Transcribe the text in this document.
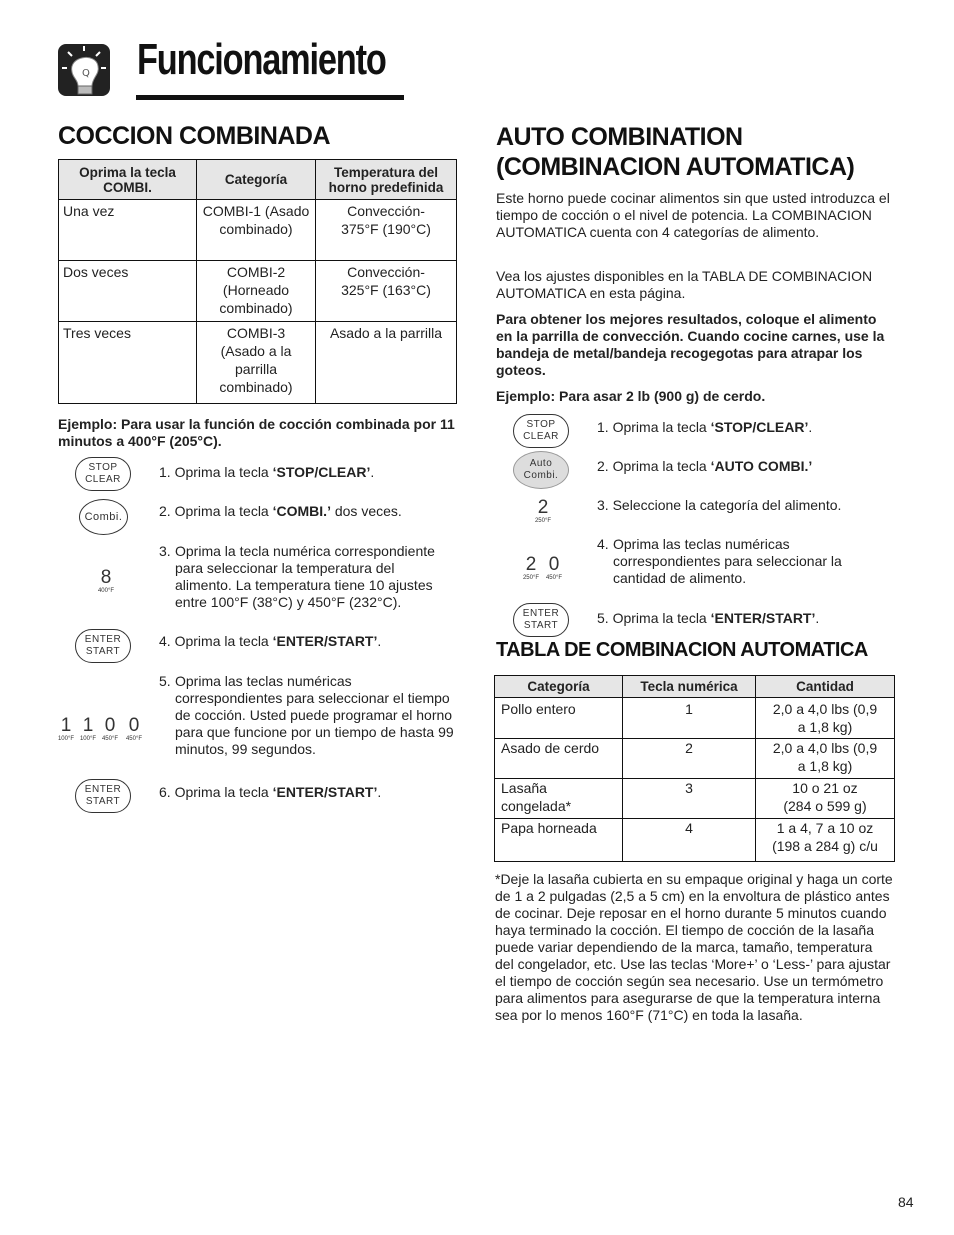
Q Funcionamiento
COCCION COMBINADA
Oprima la tecla COMBI.	Categoría	Temperatura del horno predefinida
Una vez	COMBI-1 (Asado combinado)	Convección-375°F (190°C)
Dos veces	COMBI-2 (Horneado combinado)	Convección-325°F (163°C)
Tres veces	COMBI-3 (Asado a la parrilla combinado)	Asado a la parrilla
Ejemplo: Para usar la función de cocción combinada por 11 minutos a 400°F (205°C).
STOP
CLEAR
Combi.
8
400°F
ENTER
START
1
100°F
1
100°F
0
450°F
0
450°F
ENTER
START
1. Oprima la tecla ‘STOP/CLEAR’.
2. Oprima la tecla ‘COMBI.’ dos veces.
3. Oprima la tecla numérica correspondiente para seleccionar la temperatura del alimento. La temperatura tiene 10 ajustes entre 100°F (38°C) y 450°F (232°C).
4. Oprima la tecla ‘ENTER/START’.
5. Oprima las teclas numéricas correspondientes para seleccionar el tiempo de cocción. Usted puede programar el horno para que funcione por un tiempo de hasta 99 minutos, 99 segundos.
6. Oprima la tecla ‘ENTER/START’.
AUTO COMBINATION
(COMBINACION AUTOMATICA)
Este horno puede cocinar alimentos sin que usted introduzca el tiempo de cocción o el nivel de potencia. La COMBINACION AUTOMATICA cuenta con 4 categorías de alimento.
Vea los ajustes disponibles en la TABLA DE COMBINACION AUTOMATICA en esta página.
Para obtener los mejores resultados, coloque el alimento en la parrilla de convección. Cuando cocine carnes, use la bandeja de metal/bandeja recogegotas para atrapar los goteos.
Ejemplo: Para asar 2 lb (900 g) de cerdo.
STOP
CLEAR
Auto
Combi.
2
250°F
2
250°F
0
450°F
ENTER
START
1. Oprima la tecla ‘STOP/CLEAR’.
2. Oprima la tecla ‘AUTO COMBI.’
3. Seleccione la categoría del alimento.
4. Oprima las teclas numéricas correspondientes para seleccionar la cantidad de alimento.
5. Oprima la tecla ‘ENTER/START’.
TABLA DE COMBINACION AUTOMATICA
Categoría	Tecla numérica	Cantidad
Pollo entero	1	2,0 a 4,0 lbs (0,9 a 1,8 kg)
Asado de cerdo	2	2,0 a 4,0 lbs (0,9 a 1,8 kg)
Lasaña congelada*	3	10 o 21 oz (284 o 599 g)
Papa horneada	4	1 a 4, 7 a 10 oz (198 a 284 g) c/u
*Deje la lasaña cubierta en su empaque original y haga un corte de 1 a 2 pulgadas (2,5 a 5 cm) en la envoltura de plástico antes de cocinar. Deje reposar en el horno durante 5 minutos cuando haya terminado la cocción. El tiempo de cocción de la lasaña puede variar dependiendo de la marca, tamaño, temperatura del congelador, etc. Use las teclas ‘More+’ o ‘Less-’ para ajustar el tiempo de cocción según sea necesario. Use un termómetro para alimentos para asegurarse de que la temperatura interna sea por lo menos 160°F (71°C) en toda la lasaña.
84
